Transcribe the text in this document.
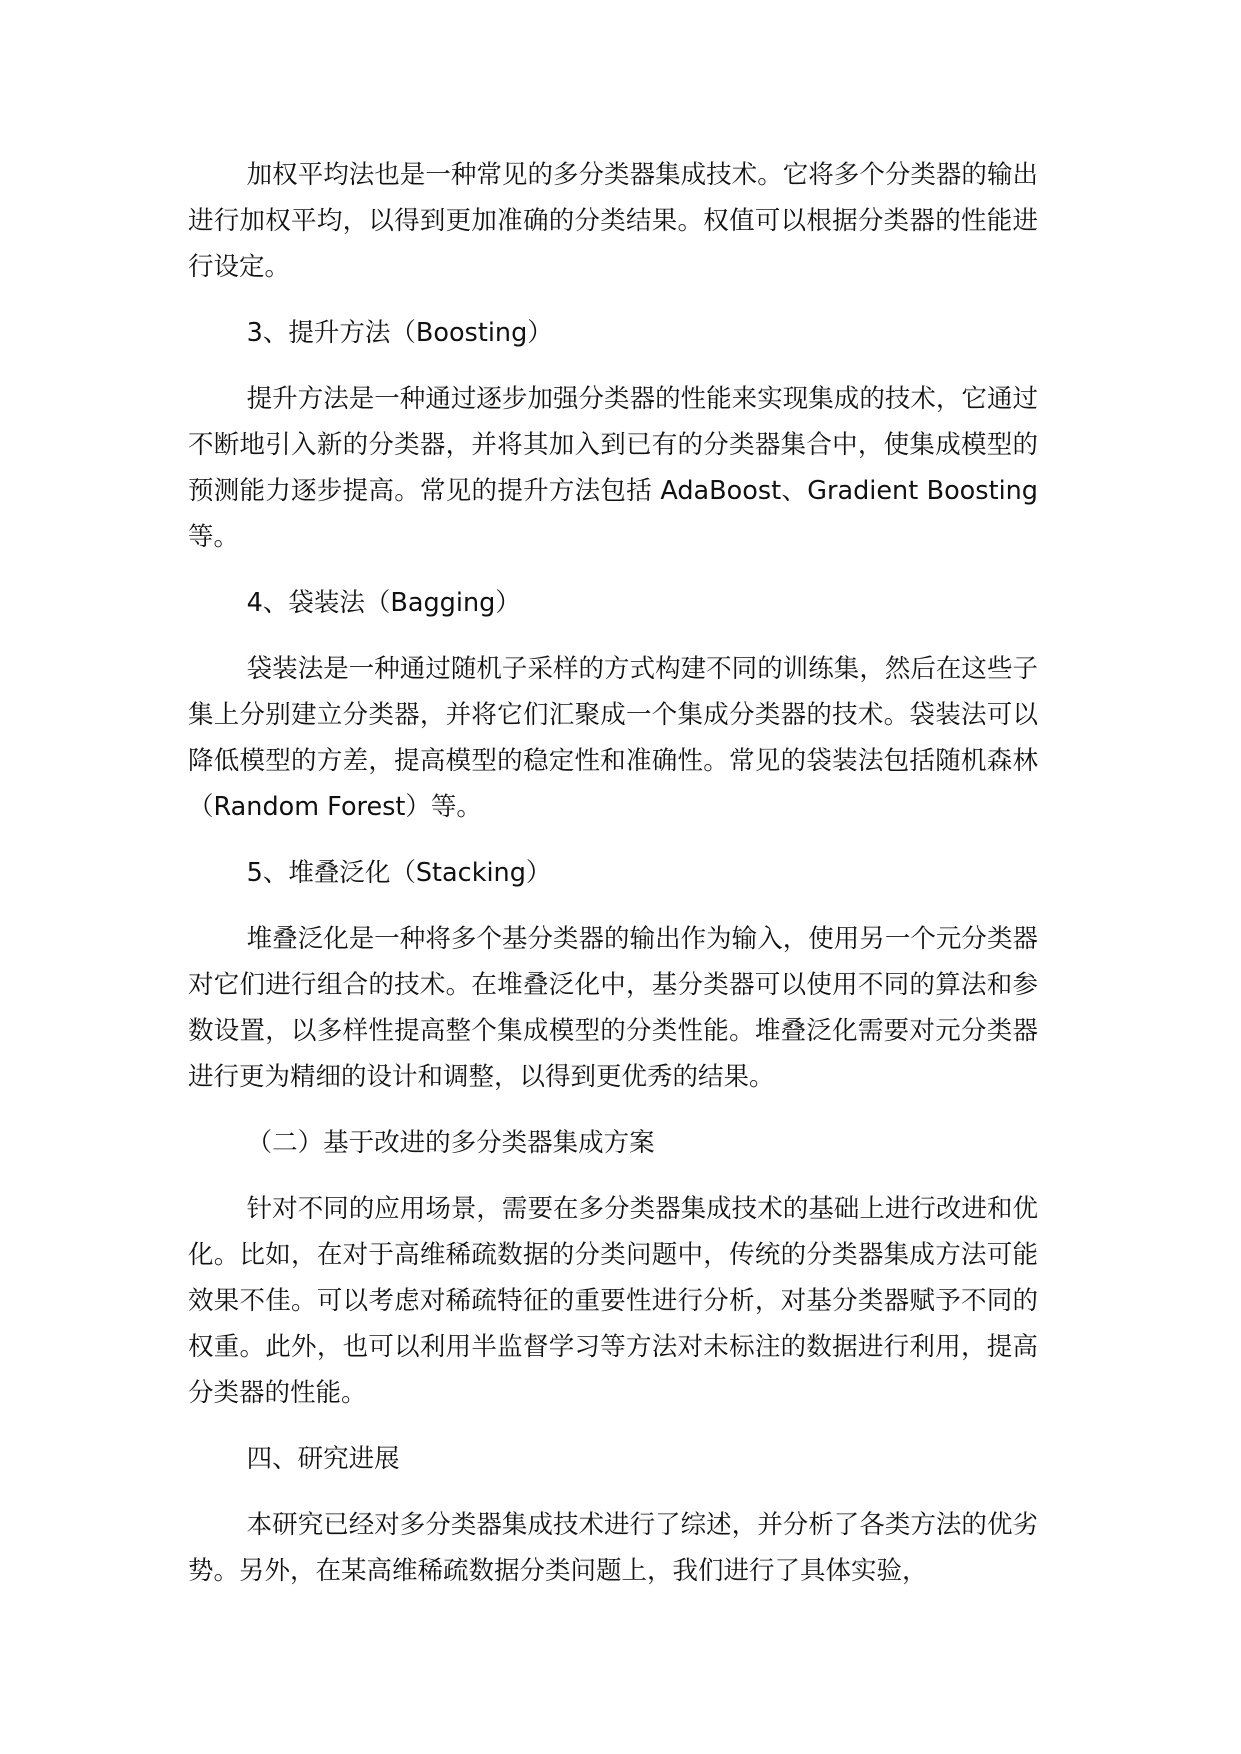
加权平均法也是一种常见的多分类器集成技术。它将多个分类器的输出进行加权平均，以得到更加准确的分类结果。权值可以根据分类器的性能进行设定。

3、提升方法（Boosting）

提升方法是一种通过逐步加强分类器的性能来实现集成的技术，它通过不断地引入新的分类器，并将其加入到已有的分类器集合中，使集成模型的预测能力逐步提高。常见的提升方法包括 AdaBoost、Gradient Boosting 等。

4、袋装法（Bagging）

袋装法是一种通过随机子采样的方式构建不同的训练集，然后在这些子集上分别建立分类器，并将它们汇聚成一个集成分类器的技术。袋装法可以降低模型的方差，提高模型的稳定性和准确性。常见的袋装法包括随机森林（Random Forest）等。

5、堆叠泛化（Stacking）

堆叠泛化是一种将多个基分类器的输出作为输入，使用另一个元分类器对它们进行组合的技术。在堆叠泛化中，基分类器可以使用不同的算法和参数设置，以多样性提高整个集成模型的分类性能。堆叠泛化需要对元分类器进行更为精细的设计和调整，以得到更优秀的结果。

（二）基于改进的多分类器集成方案

针对不同的应用场景，需要在多分类器集成技术的基础上进行改进和优化。比如，在对于高维稀疏数据的分类问题中，传统的分类器集成方法可能效果不佳。可以考虑对稀疏特征的重要性进行分析，对基分类器赋予不同的权重。此外，也可以利用半监督学习等方法对未标注的数据进行利用，提高分类器的性能。

四、研究进展

本研究已经对多分类器集成技术进行了综述，并分析了各类方法的优劣势。另外，在某高维稀疏数据分类问题上，我们进行了具体实验，
